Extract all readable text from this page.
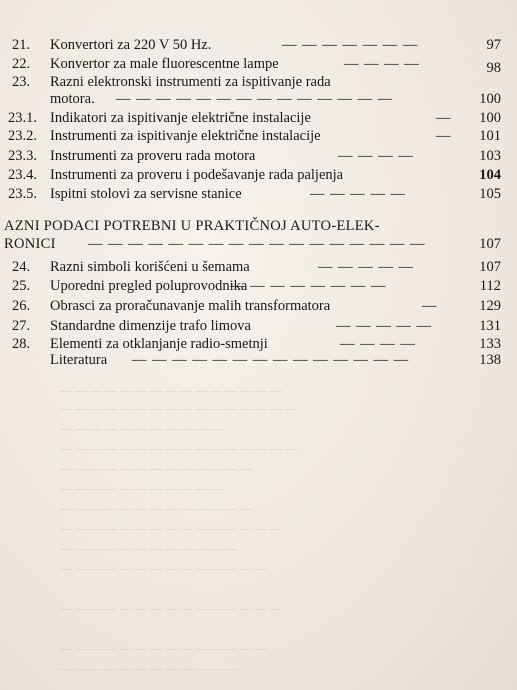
21. Konvertori za 220 V 50 Hz.	— — — — — — —	97
22. Konvertor za male fluorescentne lampe	— — — —	98
23. Razni elektronski instrumenti za ispitivanje rada
motora. — — — — — — — — — — — — — —	100
23.1. Indikatori za ispitivanje električne instalacije	— 100
23.2. Instrumenti za ispitivanje električne instalacije	— 101
23.3. Instrumenti za proveru rada motora	— — — —	103
23.4. Instrumenti za proveru i podešavanje rada paljenja	104
23.5. Ispitni stolovi za servisne stanice	— — — — —	105
AZNI PODACI POTREBNI U PRAKTIČNOJ AUTO-ELEK-
RONICI — — — — — — — — — — — — — — — — —	107
24. Razni simboli korišćeni u šemama	— — — — —	107
25. Uporedni pregled poluprovodnika
— — — — — — — —	112
26. Obrasci za proračunavanje malih transformatora	—	129
27. Standardne dimenzije trafo limova	— — — — —	131
28. Elementi za otklanjanje radio-smetnji	— — — —	133
Literatura — — — — — — — — — — — — — —	138
— — — — — — — — — — — — — — —
— — — — — — — — — — — — — — — —
— — — — — — — — — — —
— — — — — — — — — — — — — — — —
— — — — — — — — — — — — —
— — — — — — — — — — —
— — — — — — — — — — — — —
— — — — — — — — — — — — — — —
— — — — — — — — — — — —
— — — — — — — — — — — — — —
— — — — — — — — — — — — — — —
— — — — — — — — — — — — — —
— — — — — — — — — — — —
